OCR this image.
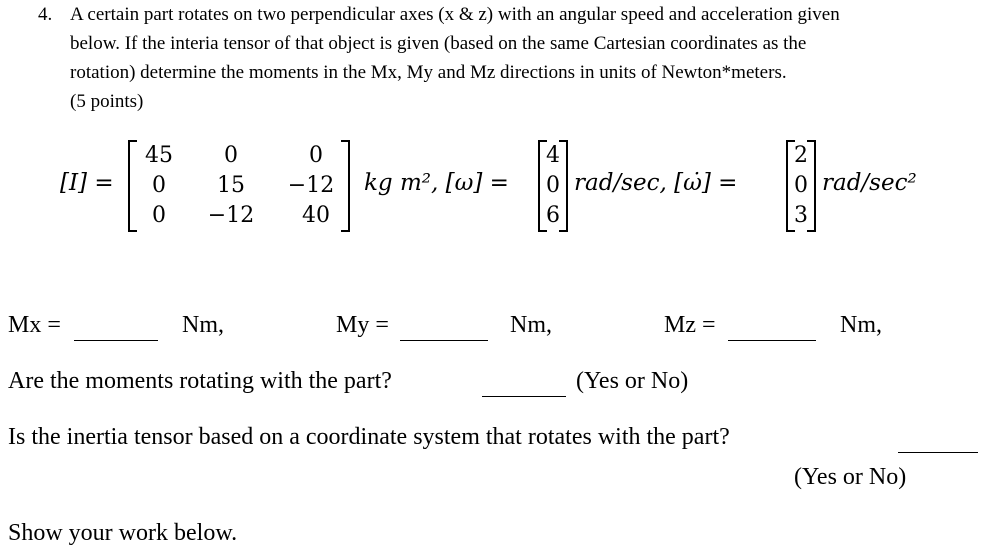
4. A certain part rotates on two perpendicular axes (x & z) with an angular speed and acceleration given
below. If the interia tensor of that object is given (based on the same Cartesian coordinates as the
rotation) determine the moments in the Mx, My and Mz directions in units of Newton*meters.
(5 points)
[I] =
45	0	0
0	15	−12
0	−12	40
kg m², [ω] =
4
0
6
rad/sec, [ω̇] =
2
0
3
rad/sec²
Mx =	Nm,	My =	Nm,	Mz =	Nm,
Are the moments rotating with the part?	(Yes or No)
Is the inertia tensor based on a coordinate system that rotates with the part?
(Yes or No)
Show your work below.
